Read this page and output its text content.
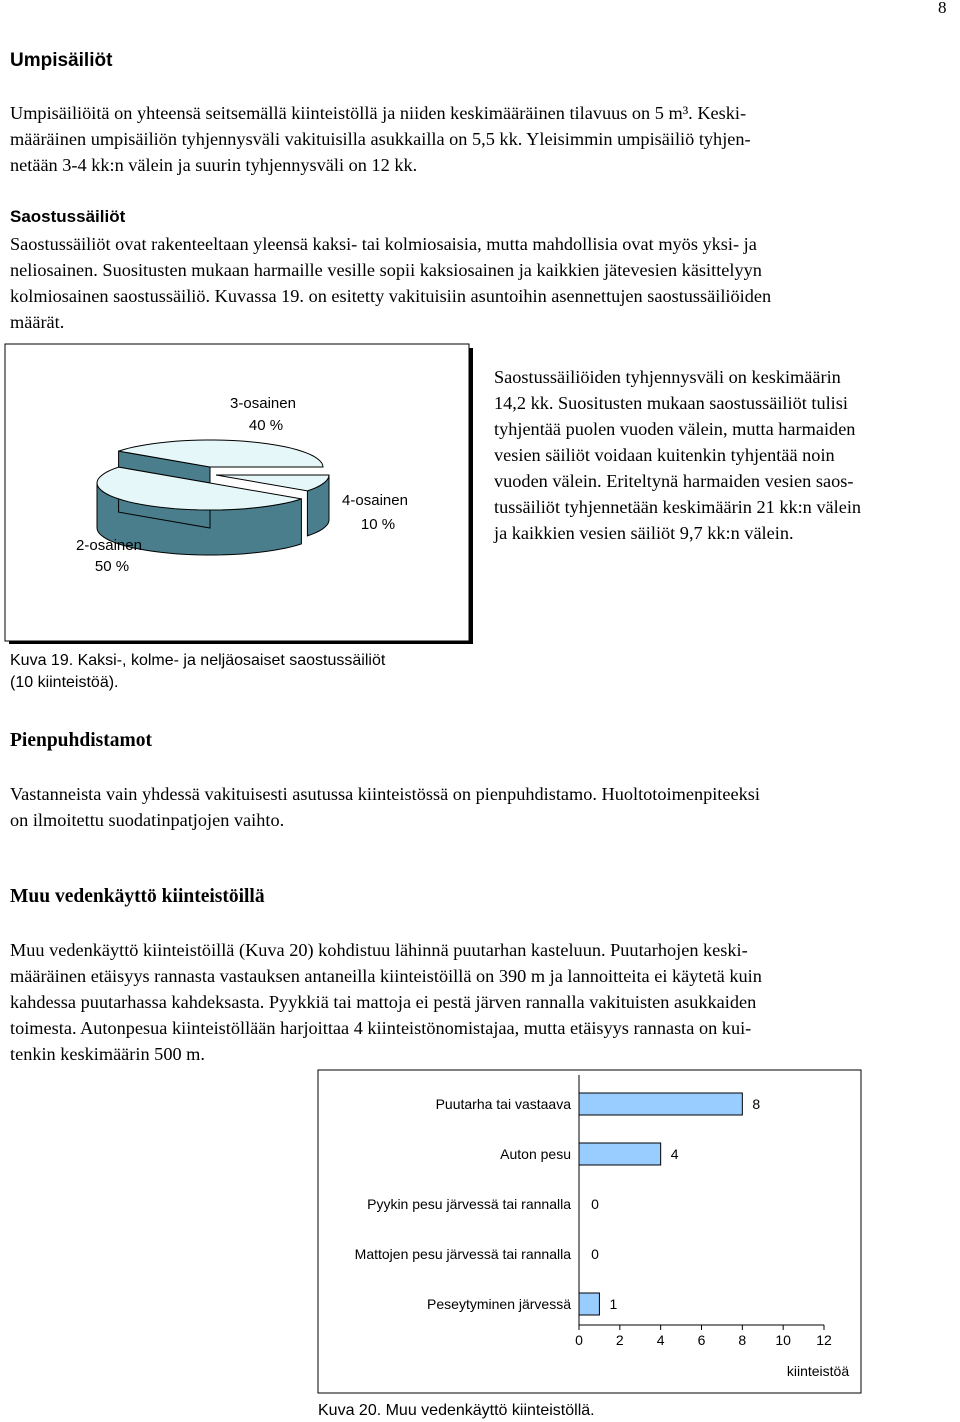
8
Umpisäiliöt
Umpisäiliöitä on yhteensä seitsemällä kiinteistöllä ja niiden keskimääräinen tilavuus on 5 m³. Keski-
määräinen umpisäiliön tyhjennysväli vakituisilla asukkailla on 5,5 kk. Yleisimmin umpisäiliö tyhjen-
netään 3-4 kk:n välein ja suurin tyhjennysväli on 12 kk.
Saostussäiliöt
Saostussäiliöt ovat rakenteeltaan yleensä kaksi- tai kolmiosaisia, mutta mahdollisia ovat myös yksi- ja
neliosainen. Suositusten mukaan harmaille vesille sopii kaksiosainen ja kaikkien jätevesien käsittelyyn
kolmiosainen saostussäiliö. Kuvassa 19. on esitetty vakituisiin asuntoihin asennettujen saostussäiliöiden
määrät.
3-osainen
40 %
4-osainen
10 %
2-osainen
50 %
Saostussäiliöiden tyhjennysväli on keskimäärin
14,2 kk. Suositusten mukaan saostussäiliöt tulisi
tyhjentää puolen vuoden välein, mutta harmaiden
vesien säiliöt voidaan kuitenkin tyhjentää noin
vuoden välein. Eriteltynä harmaiden vesien saos-
tussäiliöt tyhjennetään keskimäärin 21 kk:n välein
ja kaikkien vesien säiliöt 9,7 kk:n välein.
Kuva 19. Kaksi-, kolme- ja neljäosaiset saostussäiliöt
(10 kiinteistöä).
Pienpuhdistamot
Vastanneista vain yhdessä vakituisesti asutussa kiinteistössä on pienpuhdistamo. Huoltotoimenpiteeksi
on ilmoitettu suodatinpatjojen vaihto.
Muu vedenkäyttö kiinteistöillä
Muu vedenkäyttö kiinteistöillä (Kuva 20) kohdistuu lähinnä puutarhan kasteluun. Puutarhojen keski-
määräinen etäisyys rannasta vastauksen antaneilla kiinteistöillä on 390 m ja lannoitteita ei käytetä kuin
kahdessa puutarhassa kahdeksasta. Pyykkiä tai mattoja ei pestä järven rannalla vakituisten asukkaiden
toimesta. Autonpesua kiinteistöllään harjoittaa 4 kiinteistönomistajaa, mutta etäisyys rannasta on kui-
tenkin keskimäärin 500 m.
Puutarha tai vastaava	8
Auton pesu	4
Pyykin pesu järvessä tai rannalla 0
Mattojen pesu järvessä tai rannalla 0
Peseytyminen järvessä	1
0 2 4 6 8 10 12
kiinteistöä
Kuva 20. Muu vedenkäyttö kiinteistöllä.
